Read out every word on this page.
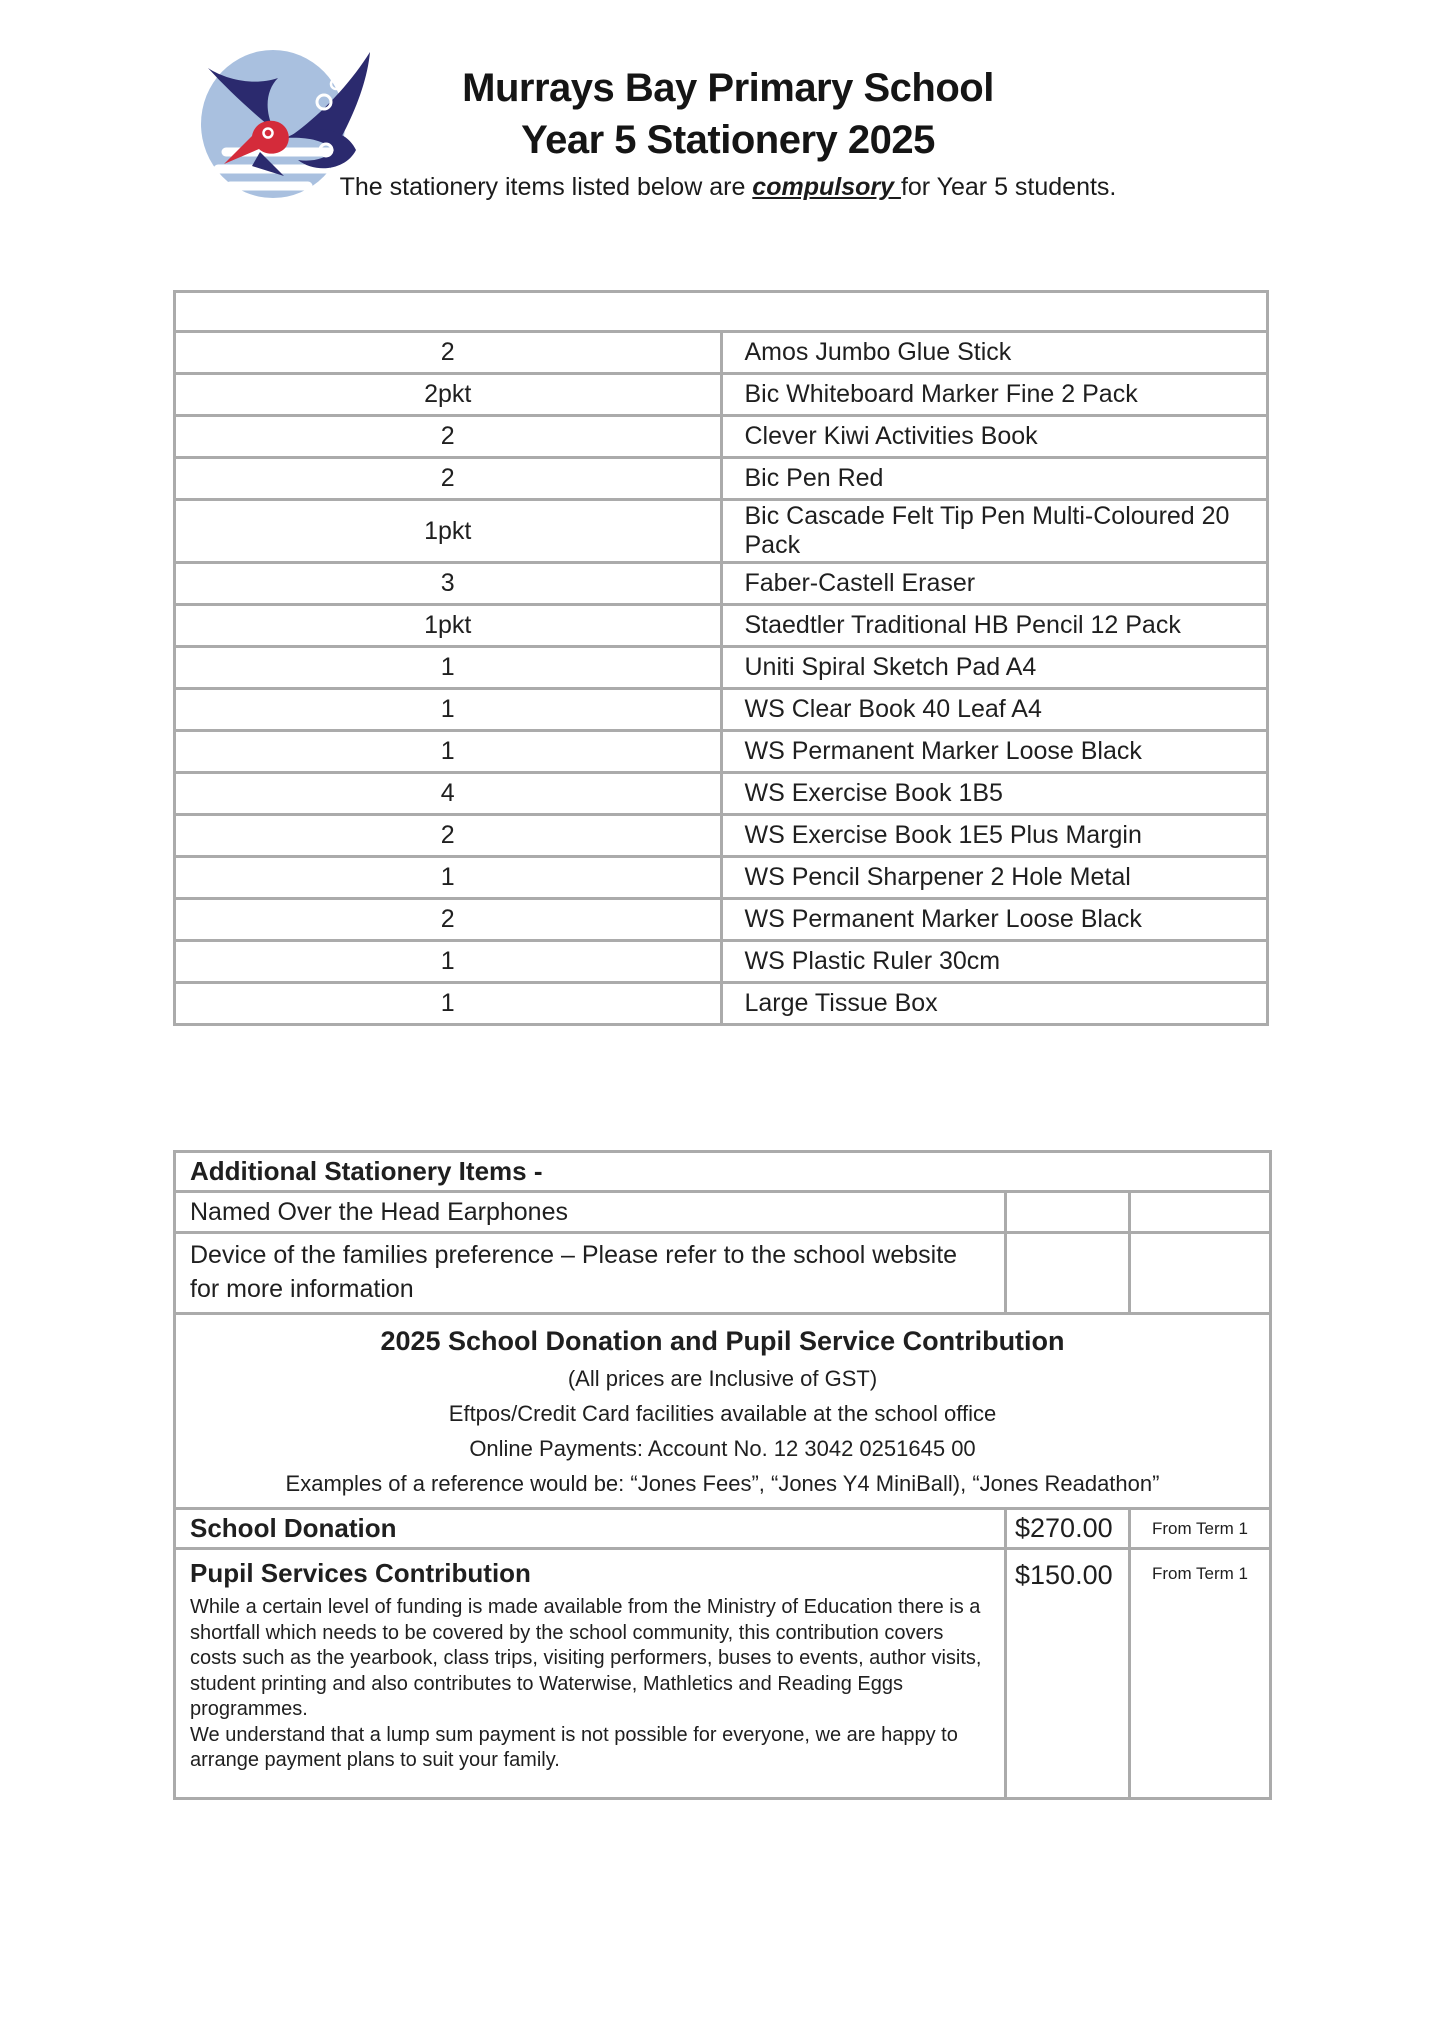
Murrays Bay Primary School
Year 5 Stationery 2025
The stationery items listed below are compulsory for Year 5 students.

2	Amos Jumbo Glue Stick
2pkt	Bic Whiteboard Marker Fine 2 Pack
2	Clever Kiwi Activities Book
2	Bic Pen Red
1pkt	Bic Cascade Felt Tip Pen Multi-Coloured 20 Pack
3	Faber-Castell Eraser
1pkt	Staedtler Traditional HB Pencil 12 Pack
1	Uniti Spiral Sketch Pad A4
1	WS Clear Book 40 Leaf A4
1	WS Permanent Marker Loose Black
4	WS Exercise Book 1B5
2	WS Exercise Book 1E5 Plus Margin
1	WS Pencil Sharpener 2 Hole Metal
2	WS Permanent Marker Loose Black
1	WS Plastic Ruler 30cm
1	Large Tissue Box
Additional Stationery Items -		
Named Over the Head Earphones		
Device of the families preference – Please refer to the school website for more information		

2025 School Donation and Pupil Service Contribution
(All prices are Inclusive of GST)
Eftpos/Credit Card facilities available at the school office
Online Payments: Account No. 12 3042 0251645 00
Examples of a reference would be: “Jones Fees”, “Jones Y4 MiniBall), “Jones Readathon”		

School Donation	$270.00	From Term 1

Pupil Services Contribution
While a certain level of funding is made available from the Ministry of Education there is a shortfall which needs to be covered by the school community, this contribution covers costs such as the yearbook, class trips, visiting performers, buses to events, author visits, student printing and also contributes to Waterwise, Mathletics and Reading Eggs programmes.
We understand that a lump sum payment is not possible for everyone, we are happy to arrange payment plans to suit your family.	$150.00	From Term 1
